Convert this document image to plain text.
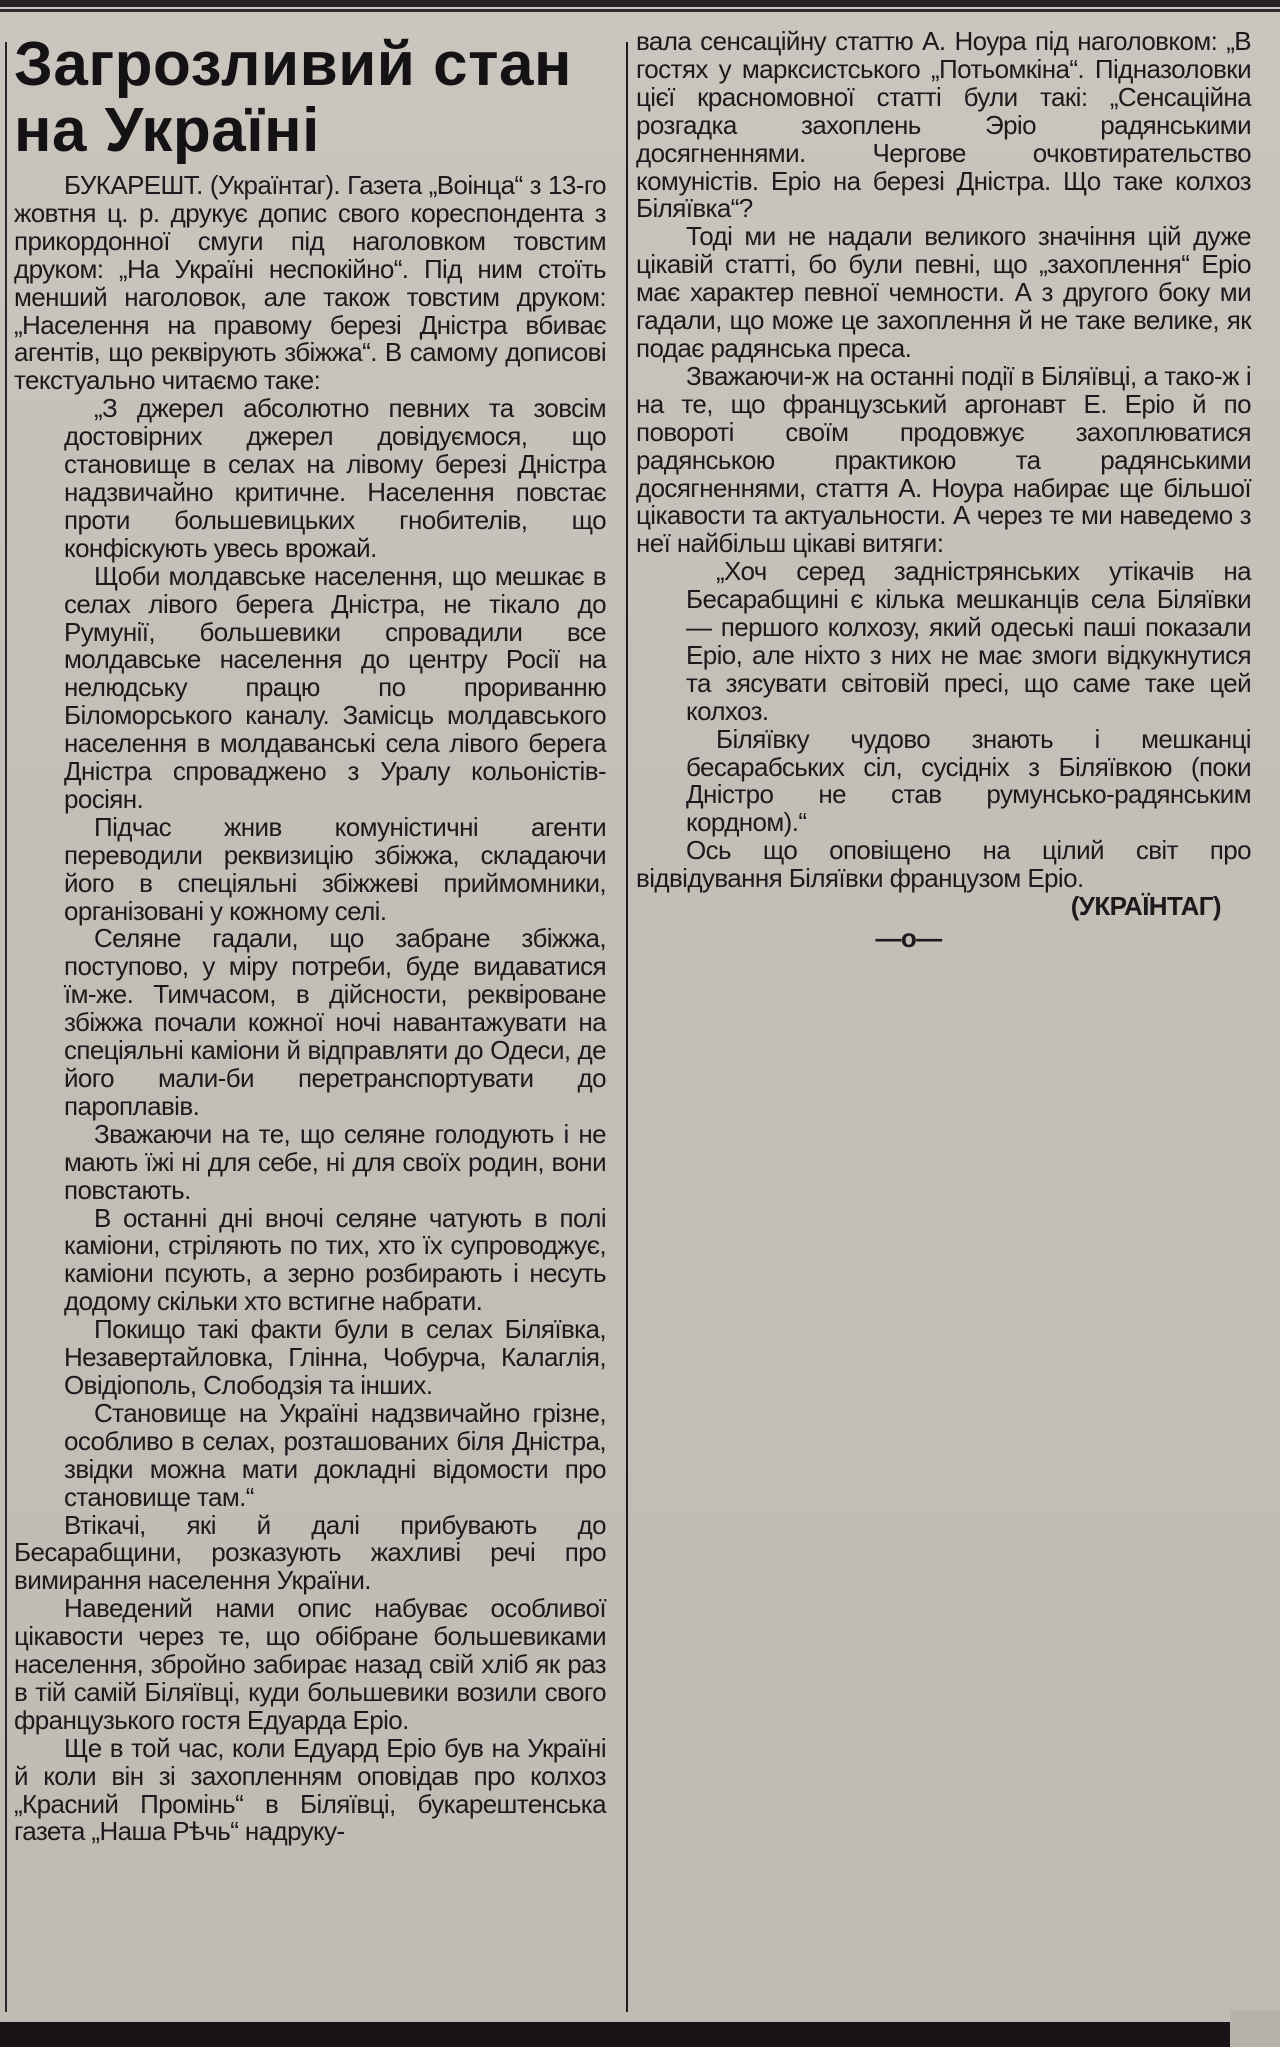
Загрозливий стан
на Україні

БУКАРЕШТ. (Українтаг). Газета „Воінца“ з 13-го жовтня ц. р. друкує допис свого кореспондента з прикордонної смуги під наголовком товстим друком: „На Україні неспокійно“. Під ним стоїть менший наголовок, але також товстим друком: „Населення на правому березі Дністра вбиває агентів, що реквірують збіжжа“. В самому дописові текстуально читаємо таке:

„З джерел абсолютно певних та зовсім достовірних джерел довідуємося, що становище в селах на лівому березі Дністра надзвичайно критичне. Населення повстає проти большевицьких гнобителів, що конфіскують увесь врожай.

Щоби молдавське населення, що мешкає в селах лівого берега Дністра, не тікало до Румунії, большевики спровадили все молдавське населення до центру Росії на нелюдську працю по прориванню Біломорського каналу. Замісць молдавського населення в молдаванські села лівого берега Дністра спроваджено з Уралу кольоністів-росіян.

Підчас жнив комуністичні агенти переводили реквизицію збіжжа, складаючи його в спеціяльні збіжжеві приймомники, організовані у кожному селі.

Селяне гадали, що забране збіжжа, поступово, у міру потреби, буде видаватися їм-же. Тимчасом, в дійсности, реквіроване збіжжа почали кожної ночі навантажувати на спеціяльні каміони й відправляти до Одеси, де його мали-би перетранспортувати до пароплавів.

Зважаючи на те, що селяне голодують і не мають їжі ні для себе, ні для своїх родин, вони повстають.

В останні дні вночі селяне чатують в полі каміони, стріляють по тих, хто їх супроводжує, каміони псують, а зерно розбирають і несуть додому скільки хто встигне набрати.

Покищо такі факти були в селах Біляївка, Незавертайловка, Глінна, Чобурча, Калаглія, Овідіополь, Слободзія та інших.

Становище на Україні надзвичайно грізне, особливо в селах, розташованих біля Дністра, звідки можна мати докладні відомости про становище там.“

Втікачі, які й далі прибувають до Бесарабщини, розказують жахливі речі про вимирання населення України.

Наведений нами опис набуває особливої цікавости через те, що обібране большевиками населення, збройно забирає назад свій хліб як раз в тій самій Біляївці, куди большевики возили свого французького гостя Едуарда Еріо.

Ще в той час, коли Едуард Еріо був на Україні й коли він зі захопленням оповідав про колхоз „Красний Промінь“ в Біляївці, букарештенська газета „Наша Рѣчь“ надруку-

вала сенсаційну статтю А. Ноура під наголовком: „В гостях у марксистського „Потьомкіна“. Підназоловки цієї красномовної статті були такі: „Сенсаційна розгадка захоплень Эріо радянськими досягненнями. Чергове очковтирательство комуністів. Еріо на березі Дністра. Що таке колхоз Біляївка“?

Тоді ми не надали великого значіння цій дуже цікавій статті, бо були певні, що „захоплення“ Еріо має характер певної чемности. А з другого боку ми гадали, що може це захоплення й не таке велике, як подає радянська преса.

Зважаючи-ж на останні події в Біляївці, а тако-ж і на те, що французський аргонавт Е. Еріо й по повороті своїм продовжує захоплюватися радянською практикою та радянськими досягненнями, стаття А. Ноура набирає ще більшої цікавости та актуальности. А через те ми наведемо з неї найбільш цікаві витяги:

„Хоч серед задністрянських утікачів на Бесарабщині є кілька мешканців села Біляївки — першого колхозу, який одеські паші показали Еріо, але ніхто з них не має змоги відкукнутися та зясувати світовій пресі, що саме таке цей колхоз.

Біляївку чудово знають і мешканці бесарабських сіл, сусідніх з Біляївкою (поки Дністро не став румунсько-радянським кордном).“

Ось що оповіщено на цілий світ про відвідування Біляївки французом Еріо.

(УКРАЇНТАГ)
—o—
